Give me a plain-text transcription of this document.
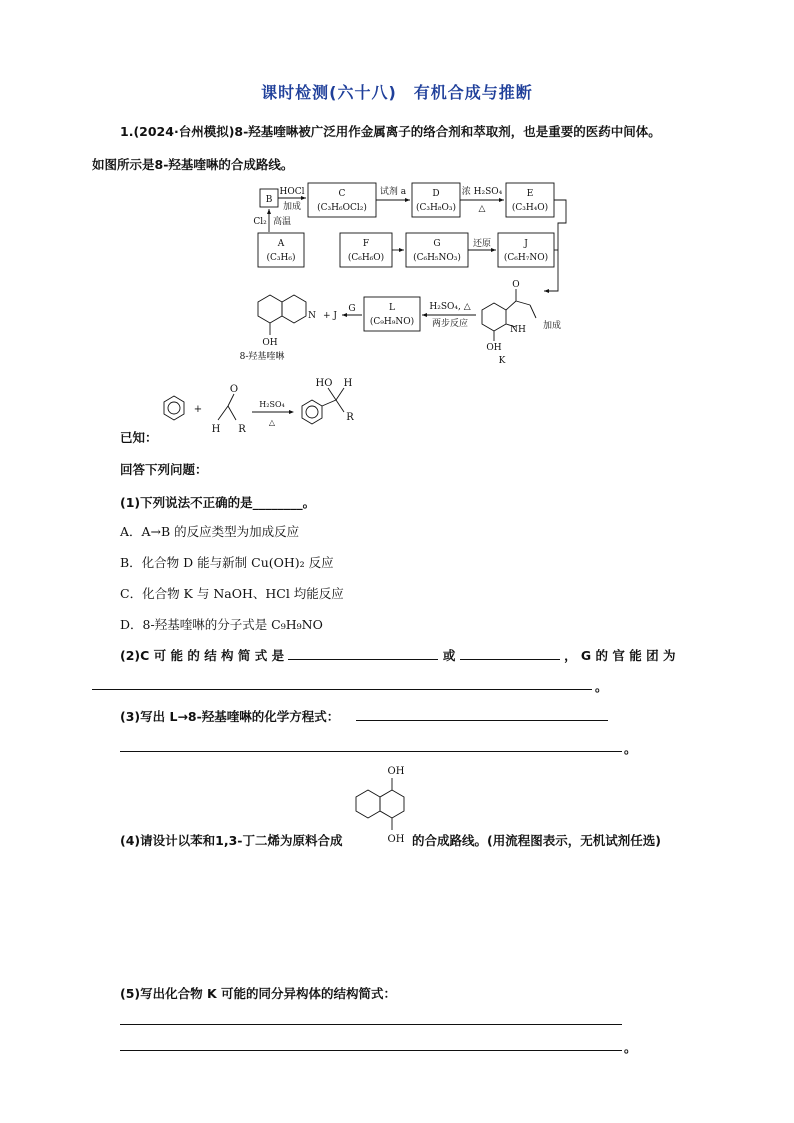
课时检测(六十八)　有机合成与推断
1.(2024·台州模拟)8-羟基喹啉被广泛用作金属离子的络合剂和萃取剂，也是重要的医药中间体。
如图所示是8-羟基喹啉的合成路线。
B
HOCl
加成
C
(C₃H₆OCl₂)
试剂 a	D
(C₃H₈O₃)
浓 H₂SO₄
△
E
(C₃H₄O)
Cl₂ 高温
A
(C₃H₆)
F
(C₆H₆O)
G
(C₆H₅NO₃)
还原	J
(C₆H₇NO)
L
(C₉H₉NO)
G
+ J
H₂SO₄, △
两步反应	加成
N
OH
8-羟基喹啉
O
NH
OH
K
已知：
+
O
H R
H₂SO₄
△
HO H
R
回答下列问题：
(1)下列说法不正确的是________。
A．A→B 的反应类型为加成反应
B．化合物 D 能与新制 Cu(OH)₂ 反应
C．化合物 K 与 NaOH、HCl 均能反应
D．8-羟基喹啉的分子式是 C₉H₉NO
(2)C 可 能 的 结 构 简 式 是	或	， G 的 官 能 团 为
。
(3)写出 L→8-羟基喹啉的化学方程式：
。
(4)请设计以苯和1,3-丁二烯为原料合成
OH
OH 的合成路线。(用流程图表示，无机试剂任选)
(5)写出化合物 K 可能的同分异构体的结构简式：
。
